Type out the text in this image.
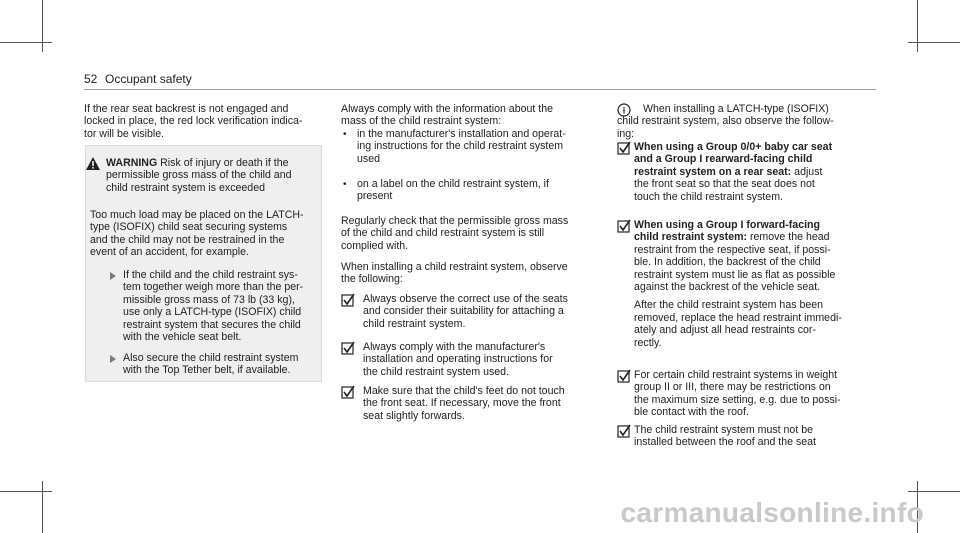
52 Occupant safety

If the rear seat backrest is not engaged and

locked in place, the red lock verification indica-

tor will be visible.

WARNING Risk of injury or death if the

permissible gross mass of the child and

child restraint system is exceeded

Too much load may be placed on the LATCH-

type (ISOFIX) child seat securing systems

and the child may not be restrained in the

event of an accident, for example.

If the child and the child restraint sys-

tem together weigh more than the per-

missible gross mass of 73 lb (33 kg),

use only a LATCH-type (ISOFIX) child

restraint system that secures the child

with the vehicle seat belt.

Also secure the child restraint system

with the Top Tether belt, if available.

Always comply with the information about the

mass of the child restraint system:

• in the manufacturer's installation and operat-

ing instructions for the child restraint system

used

• on a label on the child restraint system, if

present

Regularly check that the permissible gross mass

of the child and child restraint system is still

complied with.

When installing a child restraint system, observe

the following:

Always observe the correct use of the seats

and consider their suitability for attaching a

child restraint system.

Always comply with the manufacturer's

installation and operating instructions for

the child restraint system used.

Make sure that the child's feet do not touch

the front seat. If necessary, move the front

seat slightly forwards.

i	When installing a LATCH-type (ISOFIX)

child restraint system, also observe the follow-

ing:

When using a Group 0/0+ baby car seat

and a Group I rearward-facing child

restraint system on a rear seat: adjust

the front seat so that the seat does not

touch the child restraint system.

When using a Group I forward-facing

child restraint system: remove the head

restraint from the respective seat, if possi-

ble. In addition, the backrest of the child

restraint system must lie as flat as possible

against the backrest of the vehicle seat.

After the child restraint system has been

removed, replace the head restraint immedi-

ately and adjust all head restraints cor-

rectly.

For certain child restraint systems in weight

group II or III, there may be restrictions on

the maximum size setting, e.g. due to possi-

ble contact with the roof.

The child restraint system must not be

installed between the roof and the seat

carmanualsonline.info
